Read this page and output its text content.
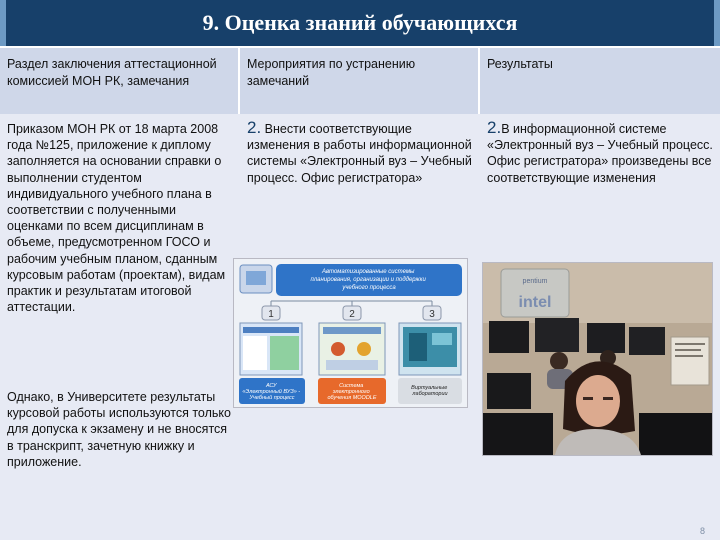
9. Оценка знаний обучающихся
Раздел заключения аттестационной комиссией МОН РК, замечания
Мероприятия по устранению замечаний
Результаты
Приказом МОН РК от 18 марта 2008 года №125, приложение к диплому заполняется на основании справки о выполнении студентом индивидуального учебного плана в соответствии с полученными оценками по всем дисциплинам в объеме, предусмотренном ГОСО и рабочим учебным планом, сданным курсовым работам (проектам), видам практик и результатам итоговой аттестации.
Однако, в Университете результаты курсовой работы используются только для допуска к экзамену и не вносятся в транскрипт, зачетную книжку и приложение.
2. Внести соответствующие изменения в работы информационной системы «Электронный вуз – Учебный процесс. Офис регистратора»
2.В информационной системе «Электронный вуз – Учебный процесс. Офис регистратора» произведены все соответствующие изменения
Автоматизированные системы планирования, организации и поддержки учебного процесса
1	2	3
АСУ «Электронный ВУЗ» - Учебный процесс
Система электронного обучения MOODLE
Виртуальные лаборатории
pentium
intel
8
